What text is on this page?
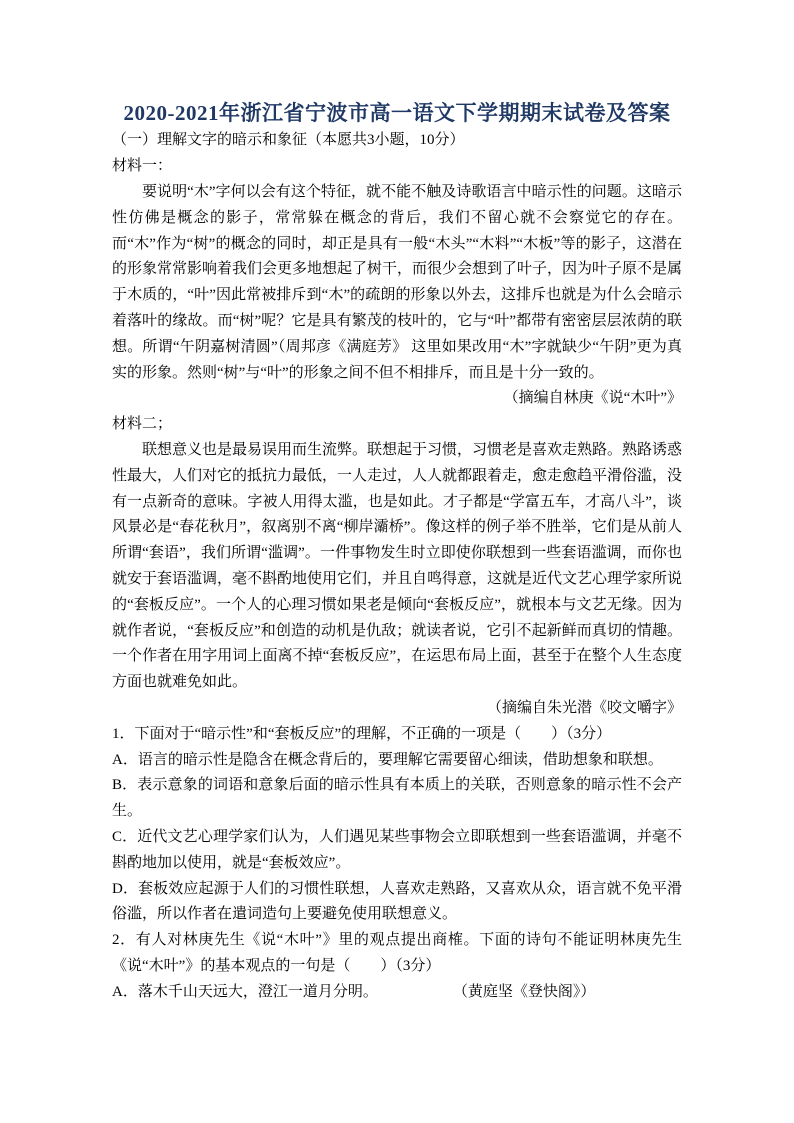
2020-2021年浙江省宁波市高一语文下学期期末试卷及答案

（一）理解文字的暗示和象征（本愿共3小题，10分）

材料一：

要说明“木”字何以会有这个特征，就不能不触及诗歌语言中暗示性的问题。这暗示性仿佛是概念的影子，常常躲在概念的背后，我们不留心就不会察觉它的存在。而“木”作为“树”的概念的同时，却正是具有一般“木头”“木料”“木板”等的影子，这潜在的形象常常影响着我们会更多地想起了树干，而很少会想到了叶子，因为叶子原不是属于木质的，“叶”因此常被排斥到“木”的疏朗的形象以外去，这排斥也就是为什么会暗示着落叶的缘故。而“树”呢？它是具有繁茂的枝叶的，它与“叶”都带有密密层层浓荫的联想。所谓“午阴嘉树清圆”（周邦彦《满庭芳》 这里如果改用“木”字就缺少“午阴”更为真实的形象。然则“树”与“叶”的形象之间不但不相排斥，而且是十分一致的。

（摘编自林庚《说“木叶”》

材料二；

联想意义也是最易误用而生流弊。联想起于习惯，习惯老是喜欢走熟路。熟路诱惑性最大，人们对它的抵抗力最低，一人走过，人人就都跟着走，愈走愈趋平滑俗滥，没有一点新奇的意味。字被人用得太滥，也是如此。才子都是“学富五车，才高八斗”，谈风景必是“春花秋月”，叙离别不离“柳岸灞桥”。像这样的例子举不胜举，它们是从前人所谓“套语”，我们所谓“滥调”。一件事物发生时立即使你联想到一些套语滥调，而你也就安于套语滥调，毫不斟酌地使用它们，并且自鸣得意，这就是近代文艺心理学家所说的“套板反应”。一个人的心理习惯如果老是倾向“套板反应”，就根本与文艺无缘。因为就作者说，“套板反应”和创造的动机是仇敌；就读者说，它引不起新鲜而真切的情趣。一个作者在用字用词上面离不掉“套板反应”，在运思布局上面，甚至于在整个人生态度方面也就难免如此。

（摘编自朱光潜《咬文嚼字》

1．下面对于“暗示性”和“套板反应”的理解，不正确的一项是（　　）（3分）

A．语言的暗示性是隐含在概念背后的，要理解它需要留心细读，借助想象和联想。

B．表示意象的词语和意象后面的暗示性具有本质上的关联，否则意象的暗示性不会产生。

C．近代文艺心理学家们认为，人们遇见某些事物会立即联想到一些套语滥调，并毫不斟酌地加以使用，就是“套板效应”。

D．套板效应起源于人们的习惯性联想，人喜欢走熟路，又喜欢从众，语言就不免平滑俗滥，所以作者在遣词造句上要避免使用联想意义。

2．有人对林庚先生《说“木叶”》里的观点提出商榷。下面的诗句不能证明林庚先生《说“木叶”》的基本观点的一句是（　　）（3分）

A．落木千山天远大，澄江一道月分明。　　　　　　（黄庭坚《登快阁》）
